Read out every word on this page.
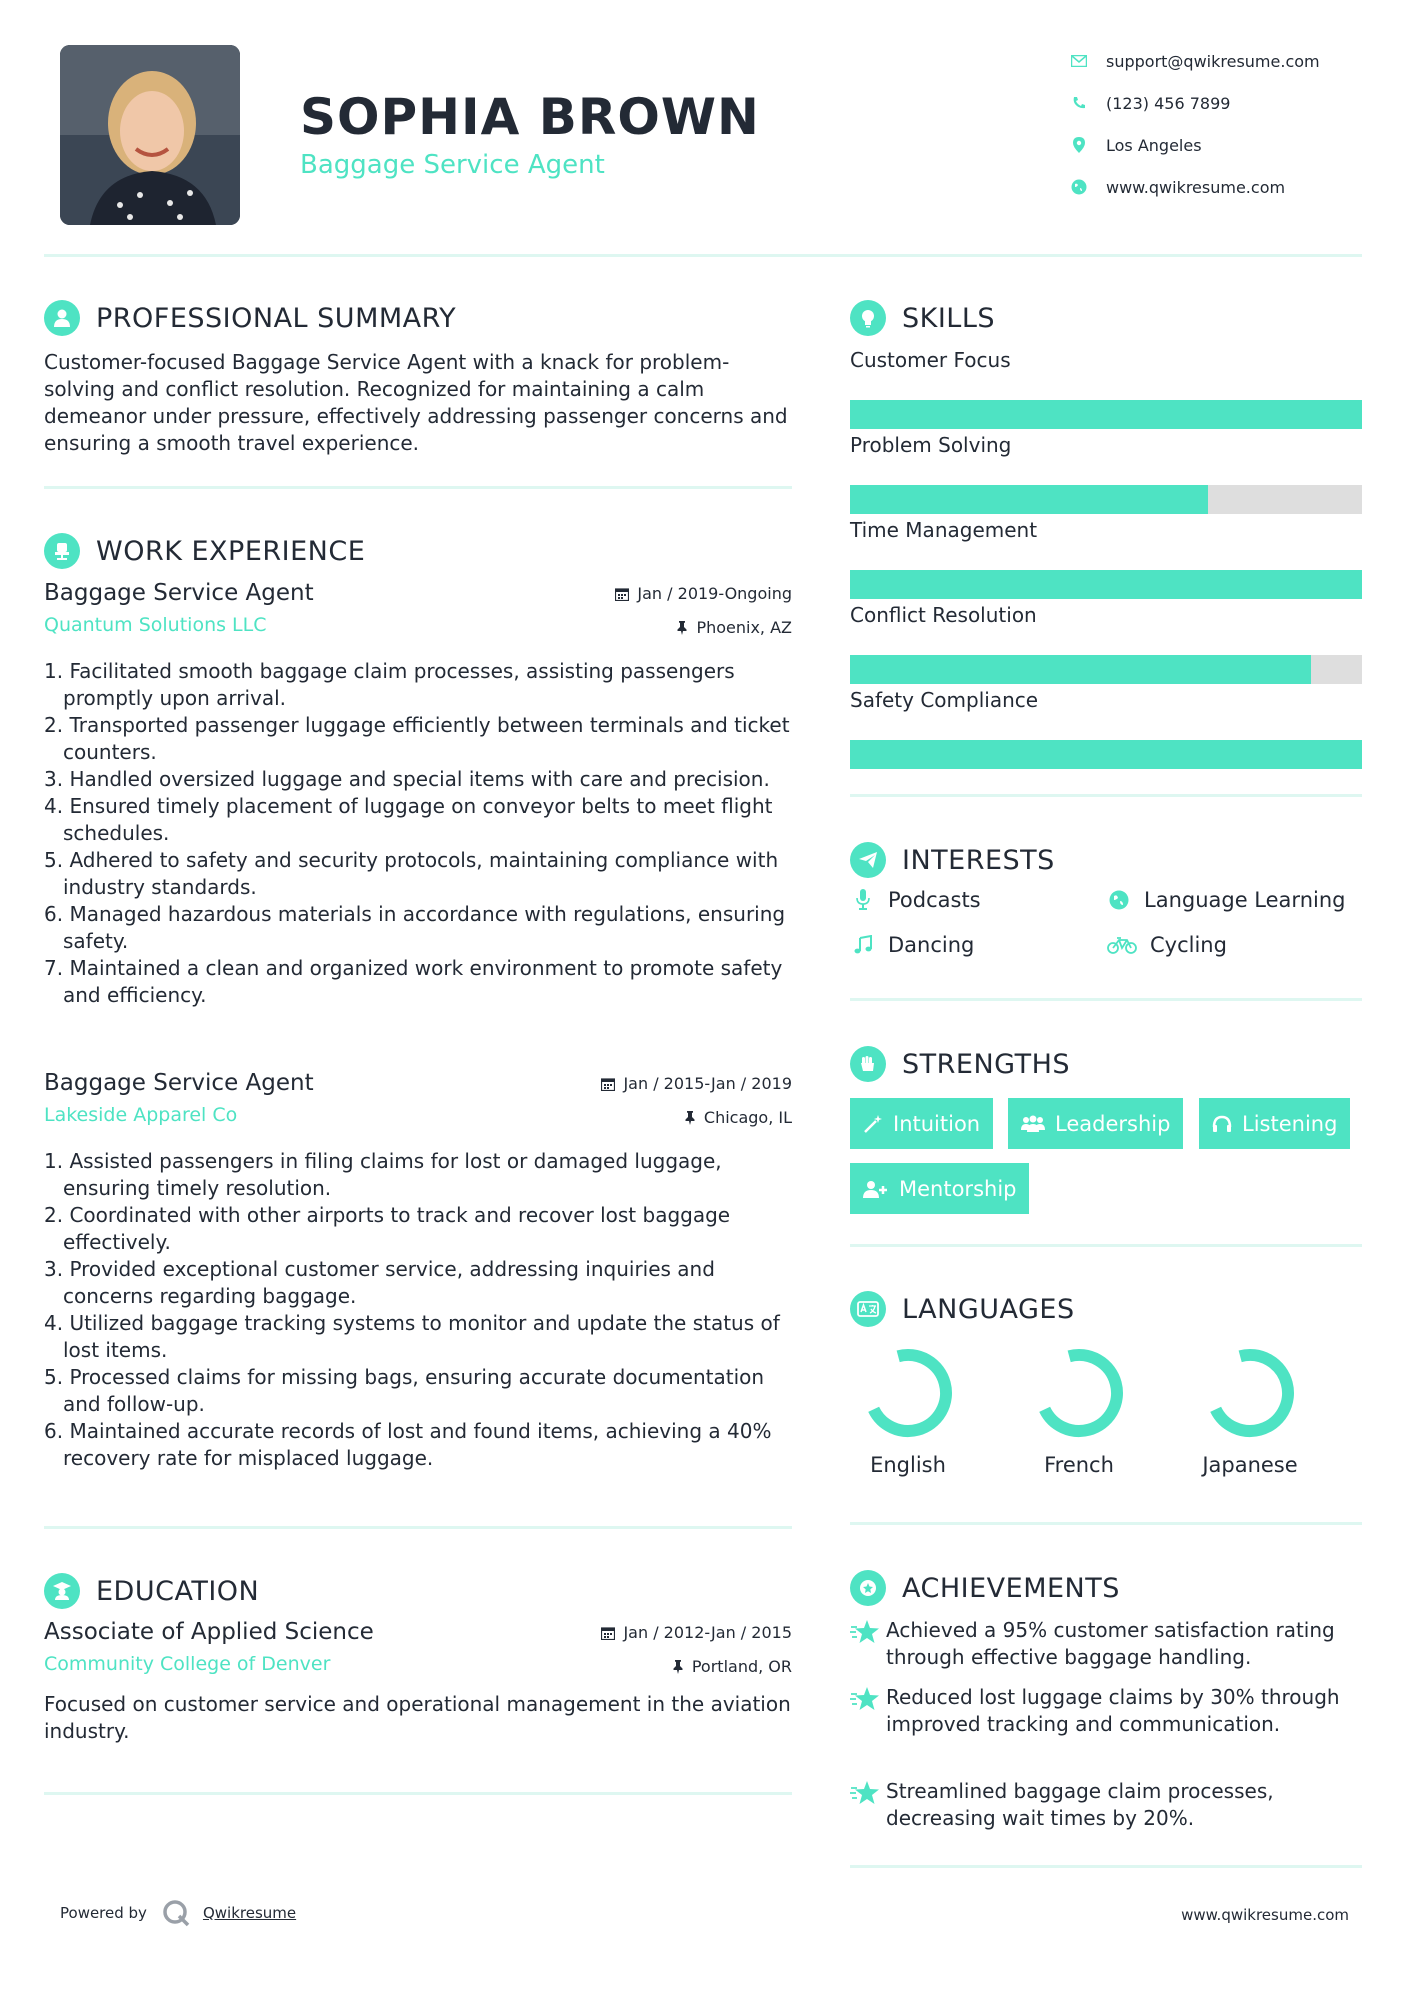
SOPHIA BROWN
Baggage Service Agent
support@qwikresume.com
(123) 456 7899
Los Angeles
www.qwikresume.com
PROFESSIONAL SUMMARY
Customer-focused Baggage Service Agent with a knack for problem-solving and conflict resolution. Recognized for maintaining a calm demeanor under pressure, effectively addressing passenger concerns and ensuring a smooth travel experience.
WORK EXPERIENCE
Baggage Service Agent
Quantum Solutions LLC
Jan / 2019-Ongoing
Phoenix, AZ
1. Facilitated smooth baggage claim processes, assisting passengers promptly upon arrival.
2. Transported passenger luggage efficiently between terminals and ticket counters.
3. Handled oversized luggage and special items with care and precision.
4. Ensured timely placement of luggage on conveyor belts to meet flight schedules.
5. Adhered to safety and security protocols, maintaining compliance with industry standards.
6. Managed hazardous materials in accordance with regulations, ensuring safety.
7. Maintained a clean and organized work environment to promote safety and efficiency.
Baggage Service Agent
Lakeside Apparel Co
Jan / 2015-Jan / 2019
Chicago, IL
1. Assisted passengers in filing claims for lost or damaged luggage, ensuring timely resolution.
2. Coordinated with other airports to track and recover lost baggage effectively.
3. Provided exceptional customer service, addressing inquiries and concerns regarding baggage.
4. Utilized baggage tracking systems to monitor and update the status of lost items.
5. Processed claims for missing bags, ensuring accurate documentation and follow-up.
6. Maintained accurate records of lost and found items, achieving a 40% recovery rate for misplaced luggage.
EDUCATION
Associate of Applied Science
Community College of Denver
Jan / 2012-Jan / 2015
Portland, OR
Focused on customer service and operational management in the aviation industry.
SKILLS
Customer Focus
Problem Solving
Time Management
Conflict Resolution
Safety Compliance
INTERESTS
Podcasts	Language Learning
Dancing	Cycling
STRENGTHS
Intuition	Leadership	Listening
Mentorship
LANGUAGES
English	French	Japanese
ACHIEVEMENTS
Achieved a 95% customer satisfaction rating through effective baggage handling.
Reduced lost luggage claims by 30% through improved tracking and communication.
Streamlined baggage claim processes, decreasing wait times by 20%.
Powered by	Qwikresume	www.qwikresume.com
